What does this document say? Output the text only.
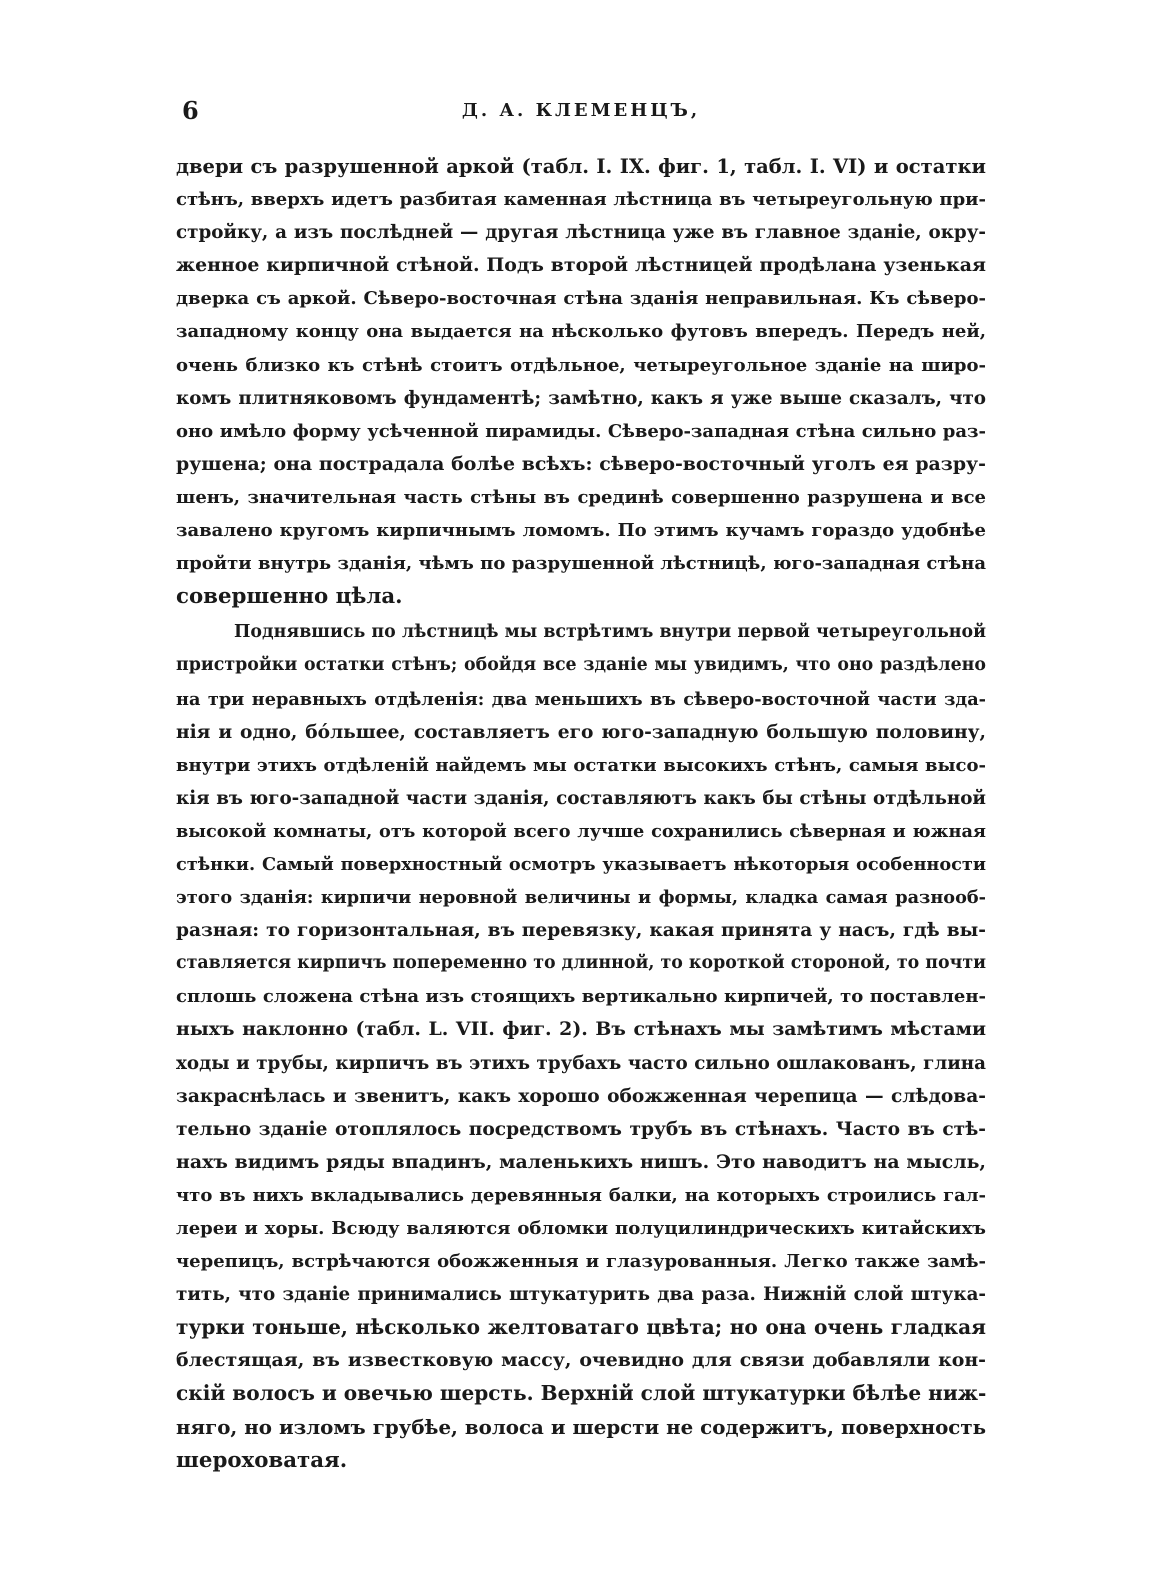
6	Д. А. КЛЕМЕНЦЪ,
двери съ разрушенной аркой (табл. I. IX. фиг. 1, табл. I. VI) и остатки
стѣнъ, вверхъ идетъ разбитая каменная лѣстница въ четыреугольную при-
стройку, а изъ послѣдней — другая лѣстница уже въ главное зданіе, окру-
женное кирпичной стѣной. Подъ второй лѣстницей продѣлана узенькая
дверка съ аркой. Сѣверо-восточная стѣна зданія неправильная. Къ сѣверо-
западному концу она выдается на нѣсколько футовъ впередъ. Передъ ней,
очень близко къ стѣнѣ стоитъ отдѣльное, четыреугольное зданіе на широ-
комъ плитняковомъ фундаментѣ; замѣтно, какъ я уже выше сказалъ, что
оно имѣло форму усѣченной пирамиды. Сѣверо-западная стѣна сильно раз-
рушена; она пострадала болѣе всѣхъ: сѣверо-восточный уголъ ея разру-
шенъ, значительная часть стѣны въ срединѣ совершенно разрушена и все
завалено кругомъ кирпичнымъ ломомъ. По этимъ кучамъ гораздо удобнѣе
пройти внутрь зданія, чѣмъ по разрушенной лѣстницѣ, юго-западная стѣна
совершенно цѣла.
Поднявшись по лѣстницѣ мы встрѣтимъ внутри первой четыреугольной
пристройки остатки стѣнъ; обойдя все зданіе мы увидимъ, что оно раздѣлено
на три неравныхъ отдѣленія: два меньшихъ въ сѣверо-восточной части зда-
нія и одно, бо́льшее, составляетъ его юго-западную большую половину,
внутри этихъ отдѣленій найдемъ мы остатки высокихъ стѣнъ, самыя высо-
кія въ юго-западной части зданія, составляютъ какъ бы стѣны отдѣльной
высокой комнаты, отъ которой всего лучше сохранились сѣверная и южная
стѣнки. Самый поверхностный осмотръ указываетъ нѣкоторыя особенности
этого зданія: кирпичи неровной величины и формы, кладка самая разнооб-
разная: то горизонтальная, въ перевязку, какая принята у насъ, гдѣ вы-
ставляется кирпичъ попеременно то длинной, то короткой стороной, то почти
сплошь сложена стѣна изъ стоящихъ вертикально кирпичей, то поставлен-
ныхъ наклонно (табл. L. VII. фиг. 2). Въ стѣнахъ мы замѣтимъ мѣстами
ходы и трубы, кирпичъ въ этихъ трубахъ часто сильно ошлакованъ, глина
закраснѣлась и звенитъ, какъ хорошо обожженная черепица — слѣдова-
тельно зданіе отоплялось посредствомъ трубъ въ стѣнахъ. Часто въ стѣ-
нахъ видимъ ряды впадинъ, маленькихъ нишъ. Это наводитъ на мысль,
что въ нихъ вкладывались деревянныя балки, на которыхъ строились гал-
лереи и хоры. Всюду валяются обломки полуцилиндрическихъ китайскихъ
черепицъ, встрѣчаются обожженныя и глазурованныя. Легко также замѣ-
тить, что зданіе принимались штукатурить два раза. Нижній слой штука-
турки тоньше, нѣсколько желтоватаго цвѣта; но она очень гладкая
блестящая, въ известковую массу, очевидно для связи добавляли кон-
скій волосъ и овечью шерсть. Верхній слой штукатурки бѣлѣе ниж-
няго, но изломъ грубѣе, волоса и шерсти не содержитъ, поверхность
шероховатая.
